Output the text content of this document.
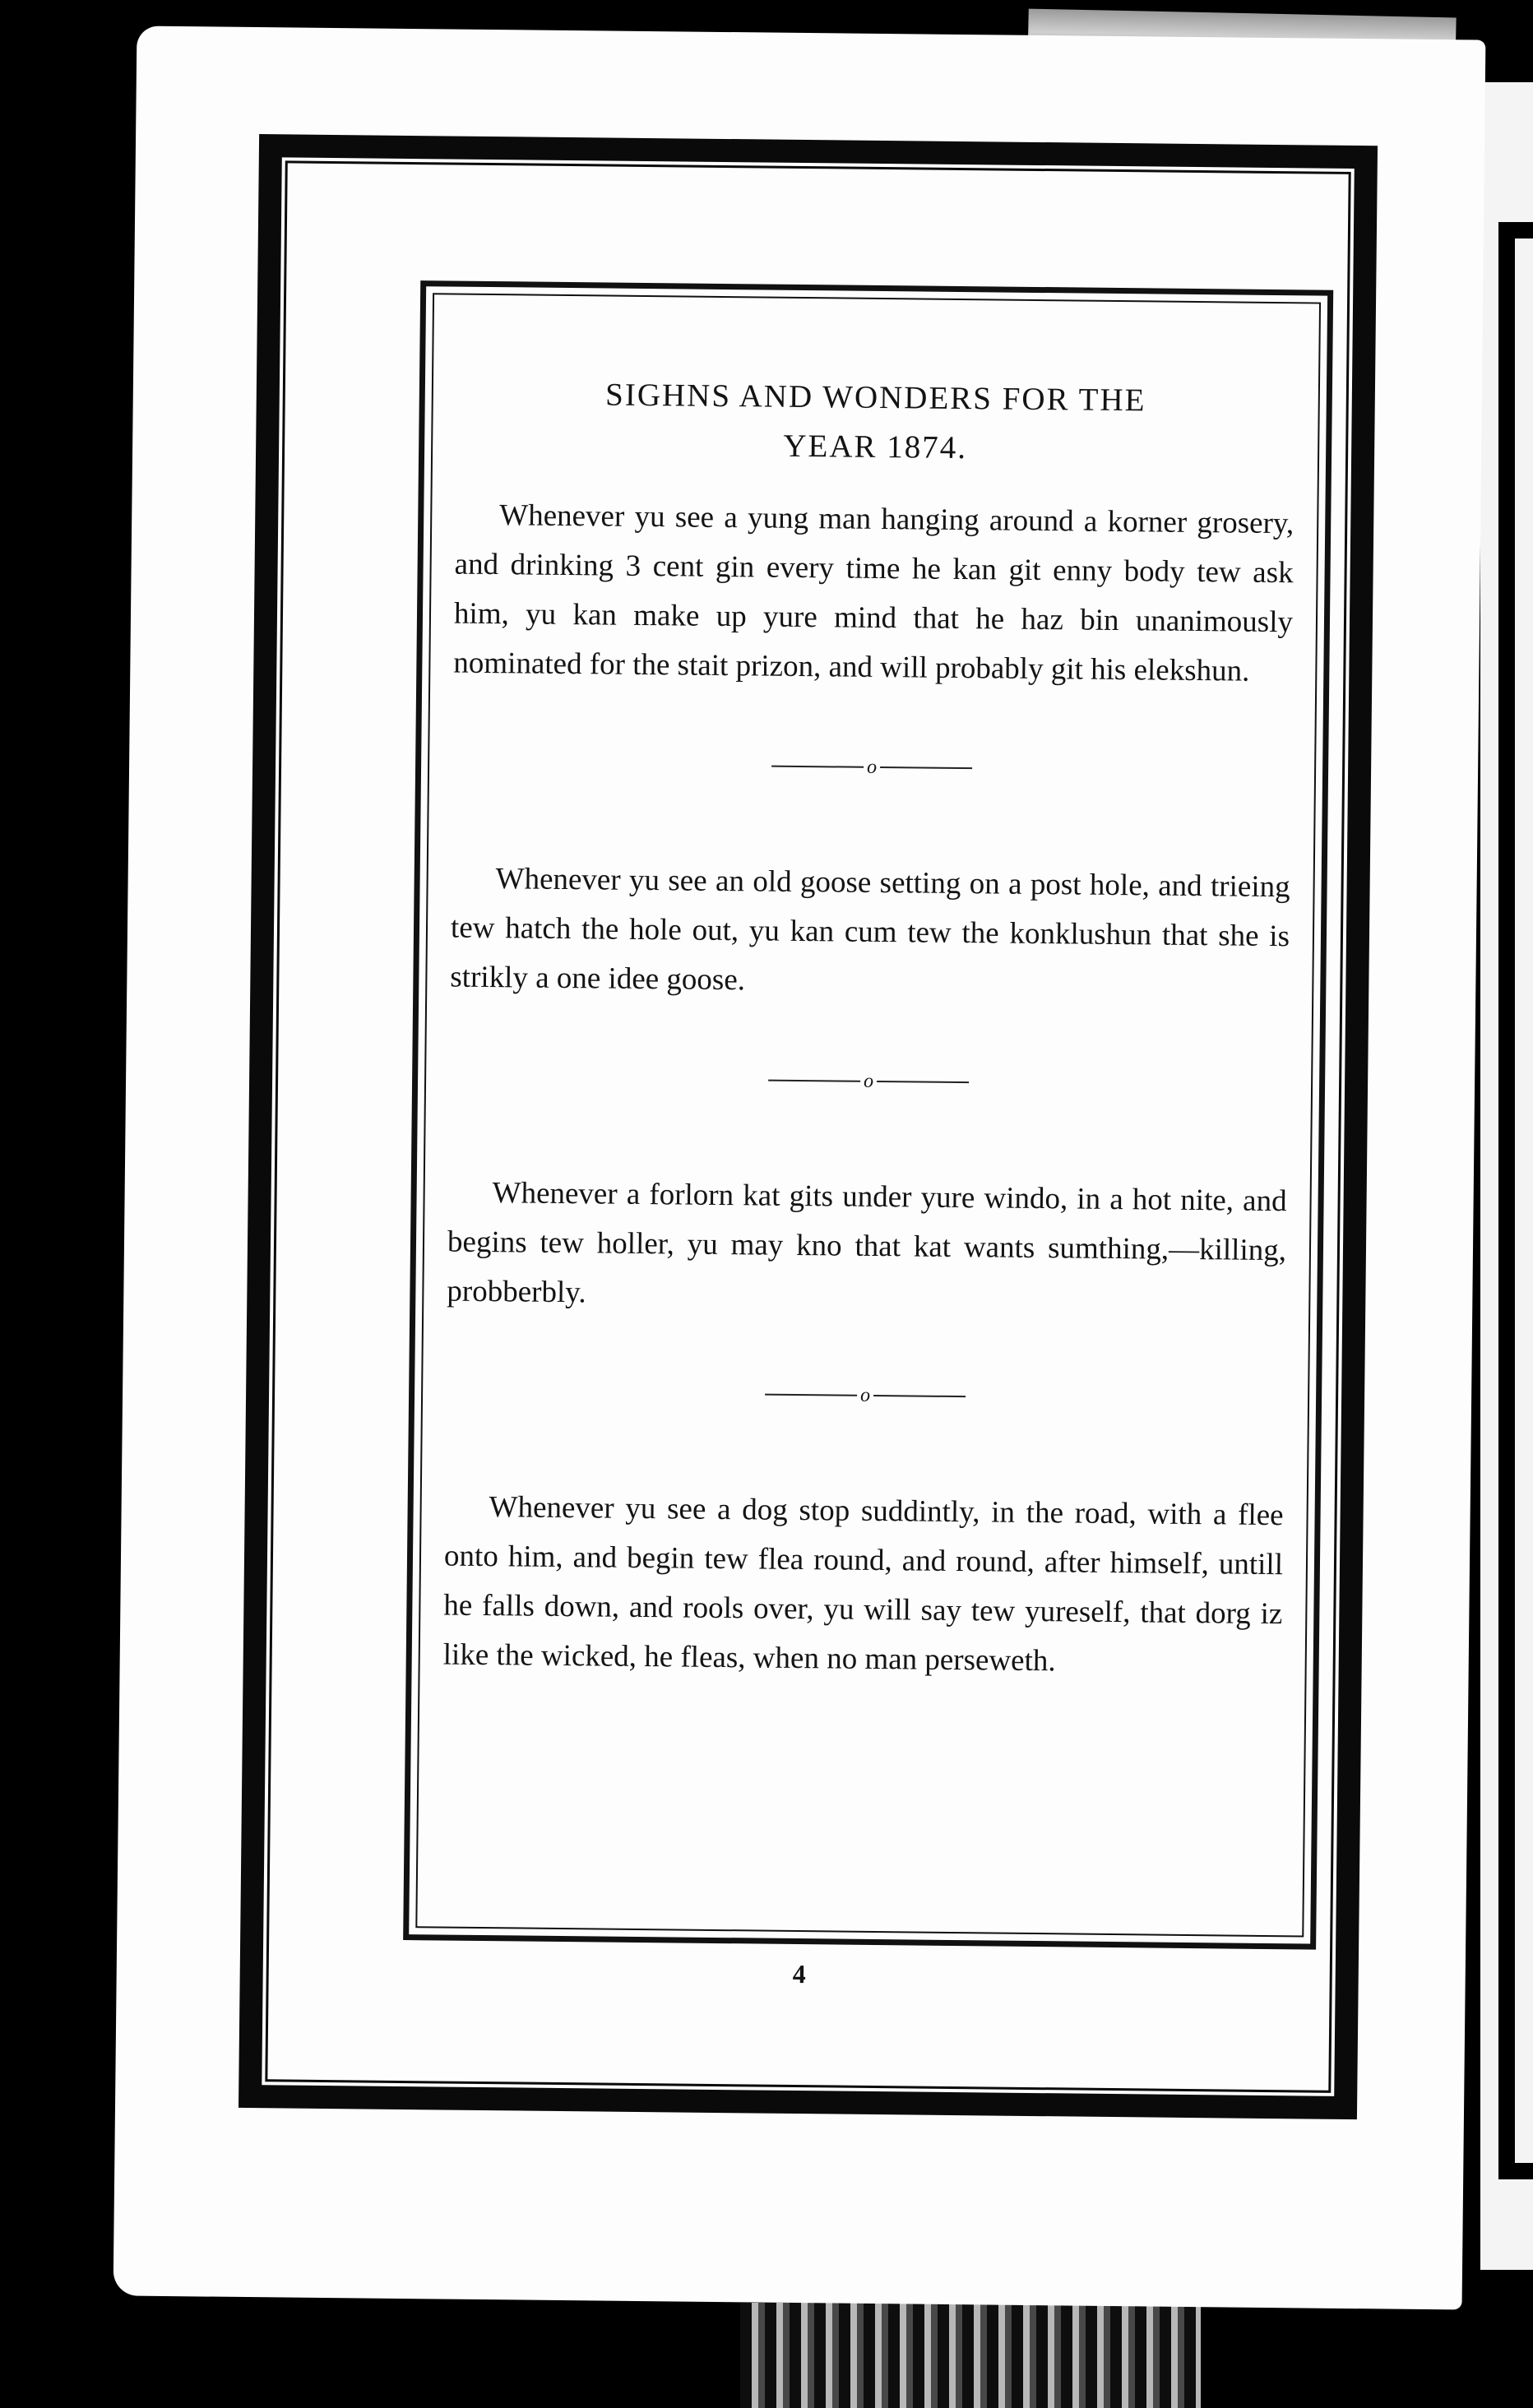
SIGHNS AND WONDERS FOR THE
YEAR 1874.

Whenever yu see a yung man hanging around a korner grosery, and drinking 3 cent gin every time he kan git enny body tew ask him, yu kan make up yure mind that he haz bin unanimously nominated for the stait prizon, and will probably git his elekshun.

o

Whenever yu see an old goose setting on a post hole, and trieing tew hatch the hole out, yu kan cum tew the konklushun that she is strikly a one idee goose.

o

Whenever a forlorn kat gits under yure windo, in a hot nite, and begins tew holler, yu may kno that kat wants sumthing,—killing, probberbly.

o

Whenever yu see a dog stop suddintly, in the road, with a flee onto him, and begin tew flea round, and round, after himself, untill he falls down, and rools over, yu will say tew yureself, that dorg iz like the wicked, he fleas, when no man perseweth.

4
